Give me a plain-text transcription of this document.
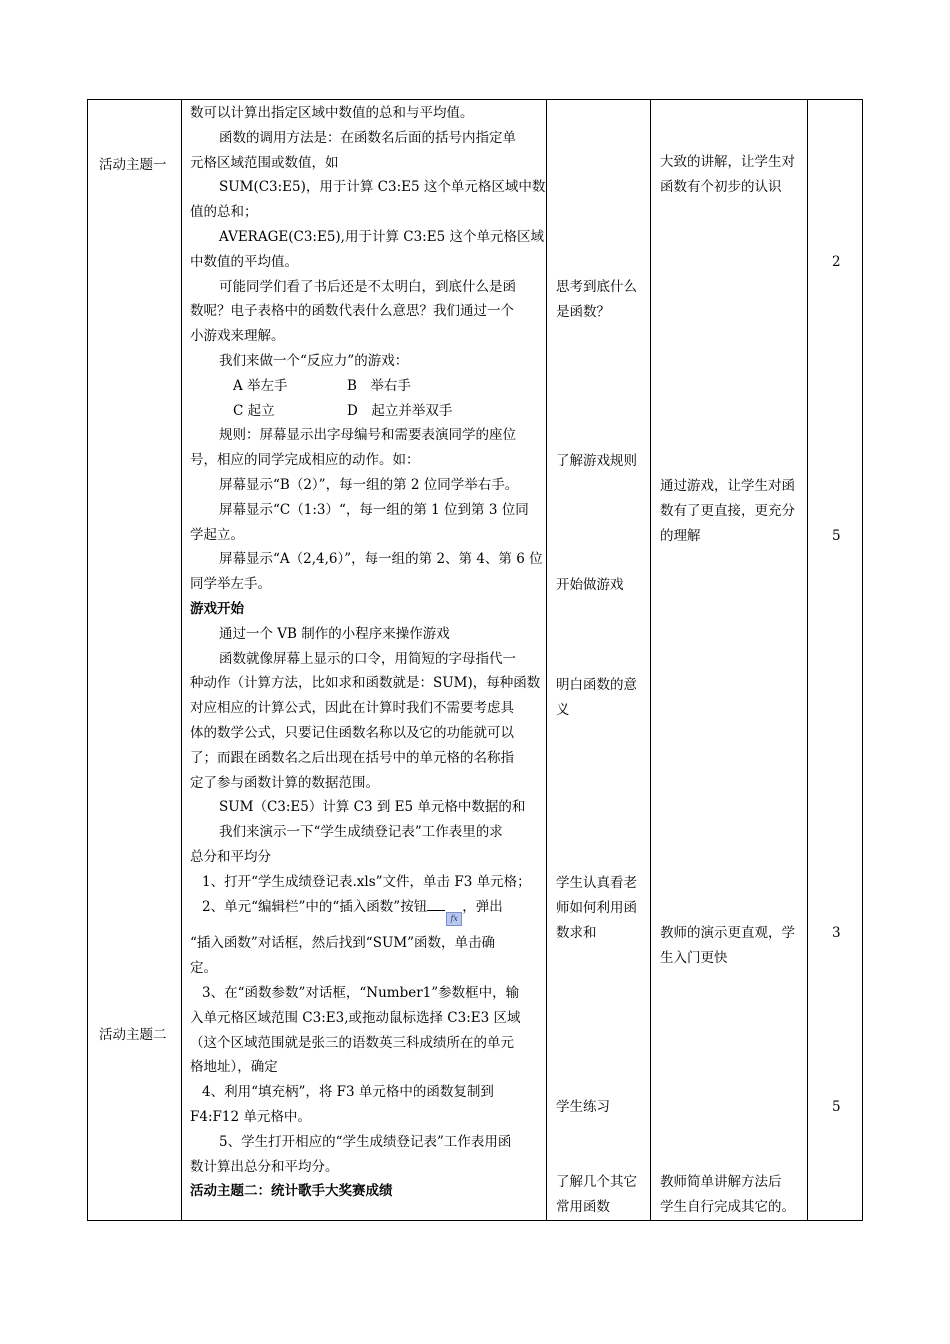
活动主题一
活动主题二
数可以计算出指定区域中数值的总和与平均值。
函数的调用方法是：在函数名后面的括号内指定单
元格区域范围或数值，如
SUM(C3:E5)，用于计算 C3:E5 这个单元格区域中数
值的总和；
AVERAGE(C3:E5),用于计算 C3:E5 这个单元格区域
中数值的平均值。
可能同学们看了书后还是不太明白，到底什么是函
数呢？电子表格中的函数代表什么意思？我们通过一个
小游戏来理解。
我们来做一个“反应力”的游戏：
A 举左手	B　举右手
C 起立	D　起立并举双手
规则：屏幕显示出字母编号和需要表演同学的座位
号，相应的同学完成相应的动作。如：
屏幕显示“B（2）”，每一组的第 2 位同学举右手。
屏幕显示“C（1:3）“，每一组的第 1 位到第 3 位同
学起立。
屏幕显示“A（2,4,6）”，每一组的第 2、第 4、第 6 位
同学举左手。
游戏开始
通过一个 VB 制作的小程序来操作游戏
函数就像屏幕上显示的口令，用简短的字母指代一
种动作（计算方法，比如求和函数就是：SUM)，每种函数
对应相应的计算公式，因此在计算时我们不需要考虑具
体的数学公式，只要记住函数名称以及它的功能就可以
了；而跟在函数名之后出现在括号中的单元格的名称指
定了参与函数计算的数据范围。
SUM（C3:E5）计算 C3 到 E5 单元格中数据的和
我们来演示一下“学生成绩登记表”工作表里的求
总分和平均分
1、打开“学生成绩登记表.xls”文件，单击 F3 单元格；
2、单元“编辑栏”中的“插入函数”按钮fx，弹出
“插入函数”对话框，然后找到“SUM”函数，单击确
定。
3、在“函数参数”对话框，“Number1”参数框中，输
入单元格区域范围 C3:E3,或拖动鼠标选择 C3:E3 区域
（这个区域范围就是张三的语数英三科成绩所在的单元
格地址），确定
4、利用“填充柄”，将 F3 单元格中的函数复制到
F4:F12 单元格中。
5、学生打开相应的“学生成绩登记表”工作表用函
数计算出总分和平均分。
活动主题二：统计歌手大奖赛成绩
思考到底什么
是函数？
了解游戏规则
开始做游戏
明白函数的意
义
学生认真看老
师如何利用函
数求和
学生练习
了解几个其它
常用函数
大致的讲解，让学生对
函数有个初步的认识
通过游戏，让学生对函
数有了更直接，更充分
的理解
教师的演示更直观，学
生入门更快
教师简单讲解方法后
学生自行完成其它的。
2
5
3
5
